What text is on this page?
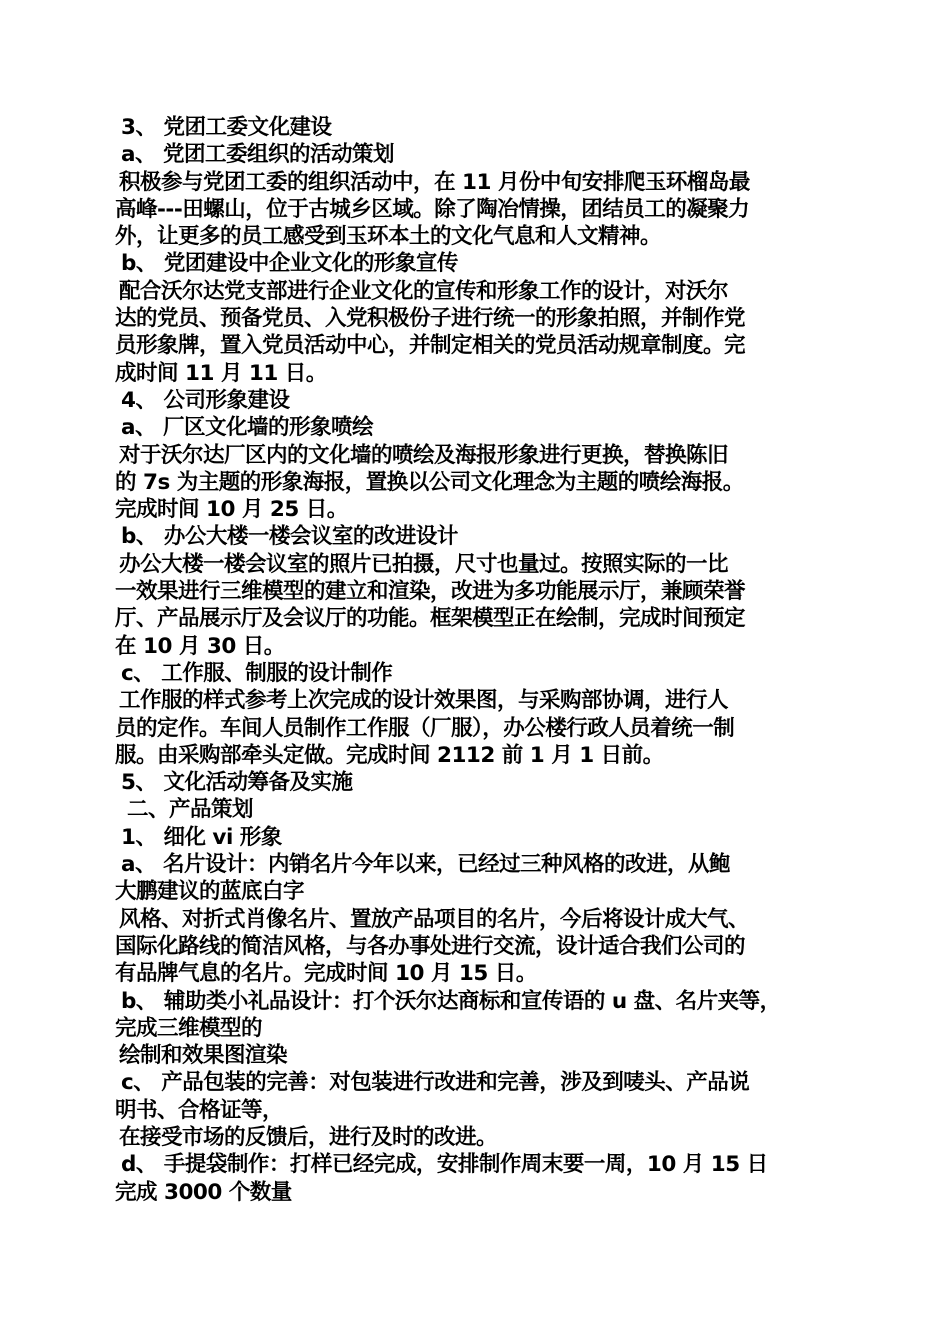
3、 党团工委文化建设
a、 党团工委组织的活动策划
积极参与党团工委的组织活动中，在 11 月份中旬安排爬玉环榴岛最
高峰---田螺山，位于古城乡区域。除了陶冶情操，团结员工的凝聚力
外，让更多的员工感受到玉环本土的文化气息和人文精神。
b、 党团建设中企业文化的形象宣传
配合沃尔达党支部进行企业文化的宣传和形象工作的设计，对沃尔
达的党员、预备党员、入党积极份子进行统一的形象拍照，并制作党
员形象牌，置入党员活动中心，并制定相关的党员活动规章制度。完
成时间 11 月 11 日。
4、 公司形象建设
a、 厂区文化墙的形象喷绘
对于沃尔达厂区内的文化墙的喷绘及海报形象进行更换，替换陈旧
的 7s 为主题的形象海报，置换以公司文化理念为主题的喷绘海报。
完成时间 10 月 25 日。
b、 办公大楼一楼会议室的改进设计
办公大楼一楼会议室的照片已拍摄，尺寸也量过。按照实际的一比
一效果进行三维模型的建立和渲染，改进为多功能展示厅，兼顾荣誉
厅、产品展示厅及会议厅的功能。框架模型正在绘制，完成时间预定
在 10 月 30 日。
c、 工作服、制服的设计制作
工作服的样式参考上次完成的设计效果图，与采购部协调，进行人
员的定作。车间人员制作工作服（厂服），办公楼行政人员着统一制
服。由采购部牵头定做。完成时间 2112 前 1 月 1 日前。
5、 文化活动筹备及实施
二、产品策划
1、 细化 vi 形象
a、 名片设计：内销名片今年以来，已经过三种风格的改进，从鲍
大鹏建议的蓝底白字
风格、对折式肖像名片、置放产品项目的名片，今后将设计成大气、
国际化路线的简洁风格，与各办事处进行交流，设计适合我们公司的
有品牌气息的名片。完成时间 10 月 15 日。
b、 辅助类小礼品设计：打个沃尔达商标和宣传语的 u 盘、名片夹等，
完成三维模型的
绘制和效果图渲染
c、 产品包装的完善：对包装进行改进和完善，涉及到唛头、产品说
明书、合格证等，
在接受市场的反馈后，进行及时的改进。
d、 手提袋制作：打样已经完成，安排制作周末要一周，10 月 15 日
完成 3000 个数量
